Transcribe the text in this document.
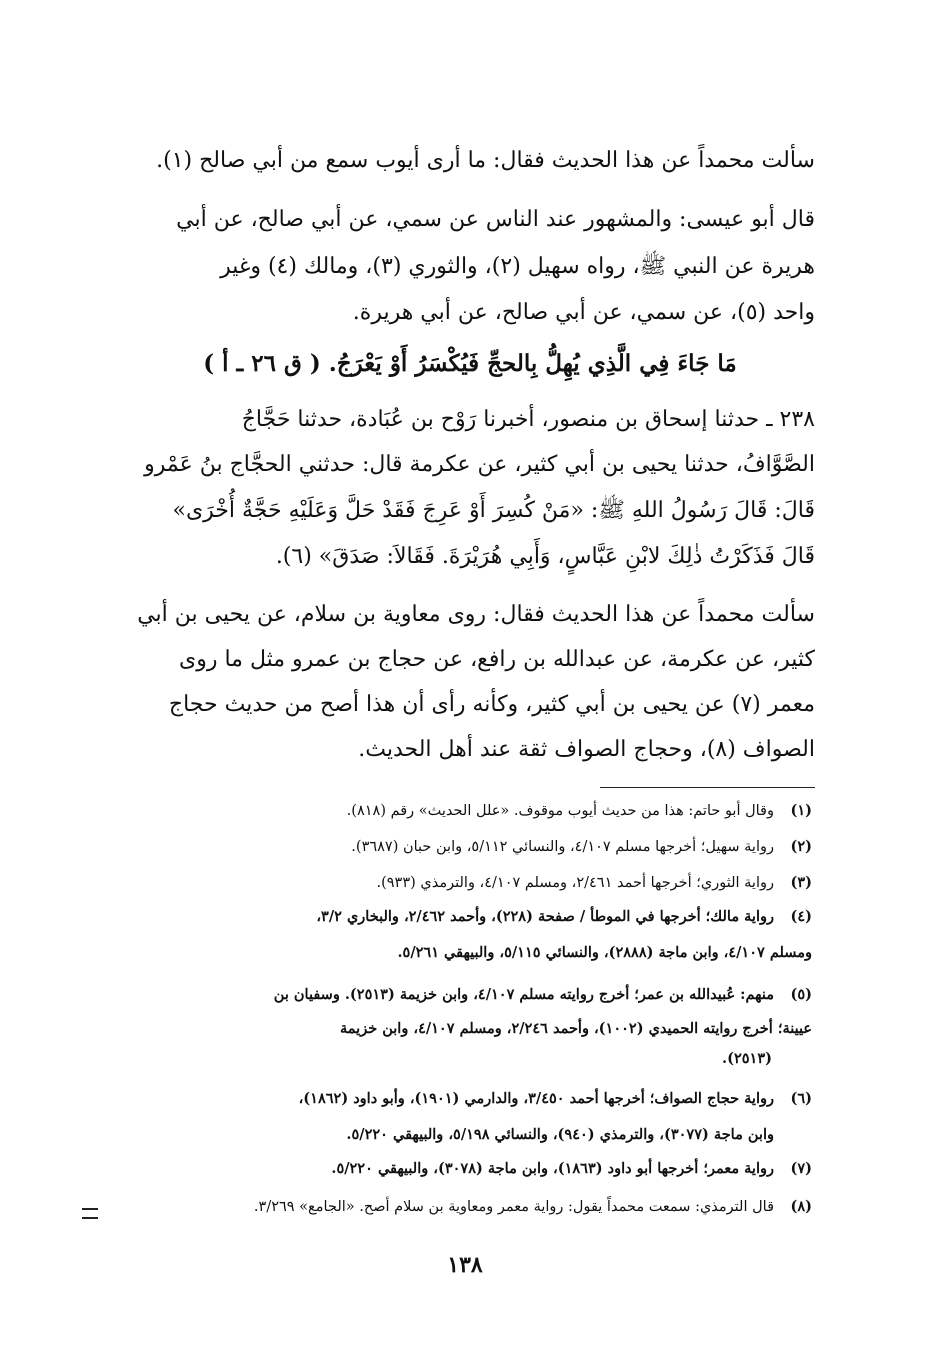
سألت محمداً عن هذا الحديث فقال: ما أرى أيوب سمع من أبي صالح (١).
قال أبو عيسى: والمشهور عند الناس عن سمي، عن أبي صالح، عن أبي
هريرة عن النبي ﷺ، رواه سهيل (٢)، والثوري (٣)، ومالك (٤) وغير
واحد (٥)، عن سمي، عن أبي صالح، عن أبي هريرة.
مَا جَاءَ فِي الَّذِي يُهِلُّ بِالحجِّ فَيُكْسَرُ أَوْ يَعْرَجُ. ( ق ٢٦ ـ أ )
٢٣٨ ـ حدثنا إسحاق بن منصور، أخبرنا رَوْح بن عُبَادة، حدثنا حَجَّاجُ
الصَّوَّافُ، حدثنا يحيى بن أبي كثير، عن عكرمة قال: حدثني الحجَّاج بنُ عَمْرو
قَالَ: قَالَ رَسُولُ اللهِ ﷺ: «مَنْ كُسِرَ أَوْ عَرِجَ فَقَدْ حَلَّ وَعَلَيْهِ حَجَّةٌ أُخْرَى»
قَالَ فَذَكَرْتُ ذٰلِكَ لابْنِ عَبَّاسٍ، وَأَبِي هُرَيْرَةَ. فَقَالاَ: صَدَقَ» (٦).
سألت محمداً عن هذا الحديث فقال: روى معاوية بن سلام، عن يحيى بن أبي
كثير، عن عكرمة، عن عبدالله بن رافع، عن حجاج بن عمرو مثل ما روى
معمر (٧) عن يحيى بن أبي كثير، وكأنه رأى أن هذا أصح من حديث حجاج
الصواف (٨)، وحجاج الصواف ثقة عند أهل الحديث.
(١)وقال أبو حاتم: هذا من حديث أيوب موقوف. «علل الحديث» رقم (٨١٨).
(٢)رواية سهيل؛ أخرجها مسلم ٤/١٠٧، والنسائي ٥/١١٢، وابن حبان (٣٦٨٧).
(٣)رواية الثوري؛ أخرجها أحمد ٢/٤٦١، ومسلم ٤/١٠٧، والترمذي (٩٣٣).
(٤)رواية مالك؛ أخرجها في الموطأ / صفحة (٢٢٨)، وأحمد ٢/٤٦٢، والبخاري ٣/٢،
ومسلم ٤/١٠٧، وابن ماجة (٢٨٨٨)، والنسائي ٥/١١٥، والبيهقي ٥/٢٦١.
(٥)منهم: عُبيدالله بن عمر؛ أخرج روايته مسلم ٤/١٠٧، وابن خزيمة (٢٥١٣). وسفيان بن
عيينة؛ أخرج روايته الحميدي (١٠٠٢)، وأحمد ٢/٢٤٦، ومسلم ٤/١٠٧، وابن خزيمة
(٢٥١٣).
(٦)رواية حجاج الصواف؛ أخرجها أحمد ٣/٤٥٠، والدارمي (١٩٠١)، وأبو داود (١٨٦٢)،
وابن ماجة (٣٠٧٧)، والترمذي (٩٤٠)، والنسائي ٥/١٩٨، والبيهقي ٥/٢٢٠.
(٧)رواية معمر؛ أخرجها أبو داود (١٨٦٣)، وابن ماجة (٣٠٧٨)، والبيهقي ٥/٢٢٠.
(٨)قال الترمذي: سمعت محمداً يقول: رواية معمر ومعاوية بن سلام أصح. «الجامع» ٣/٢٦٩.
١٣٨
